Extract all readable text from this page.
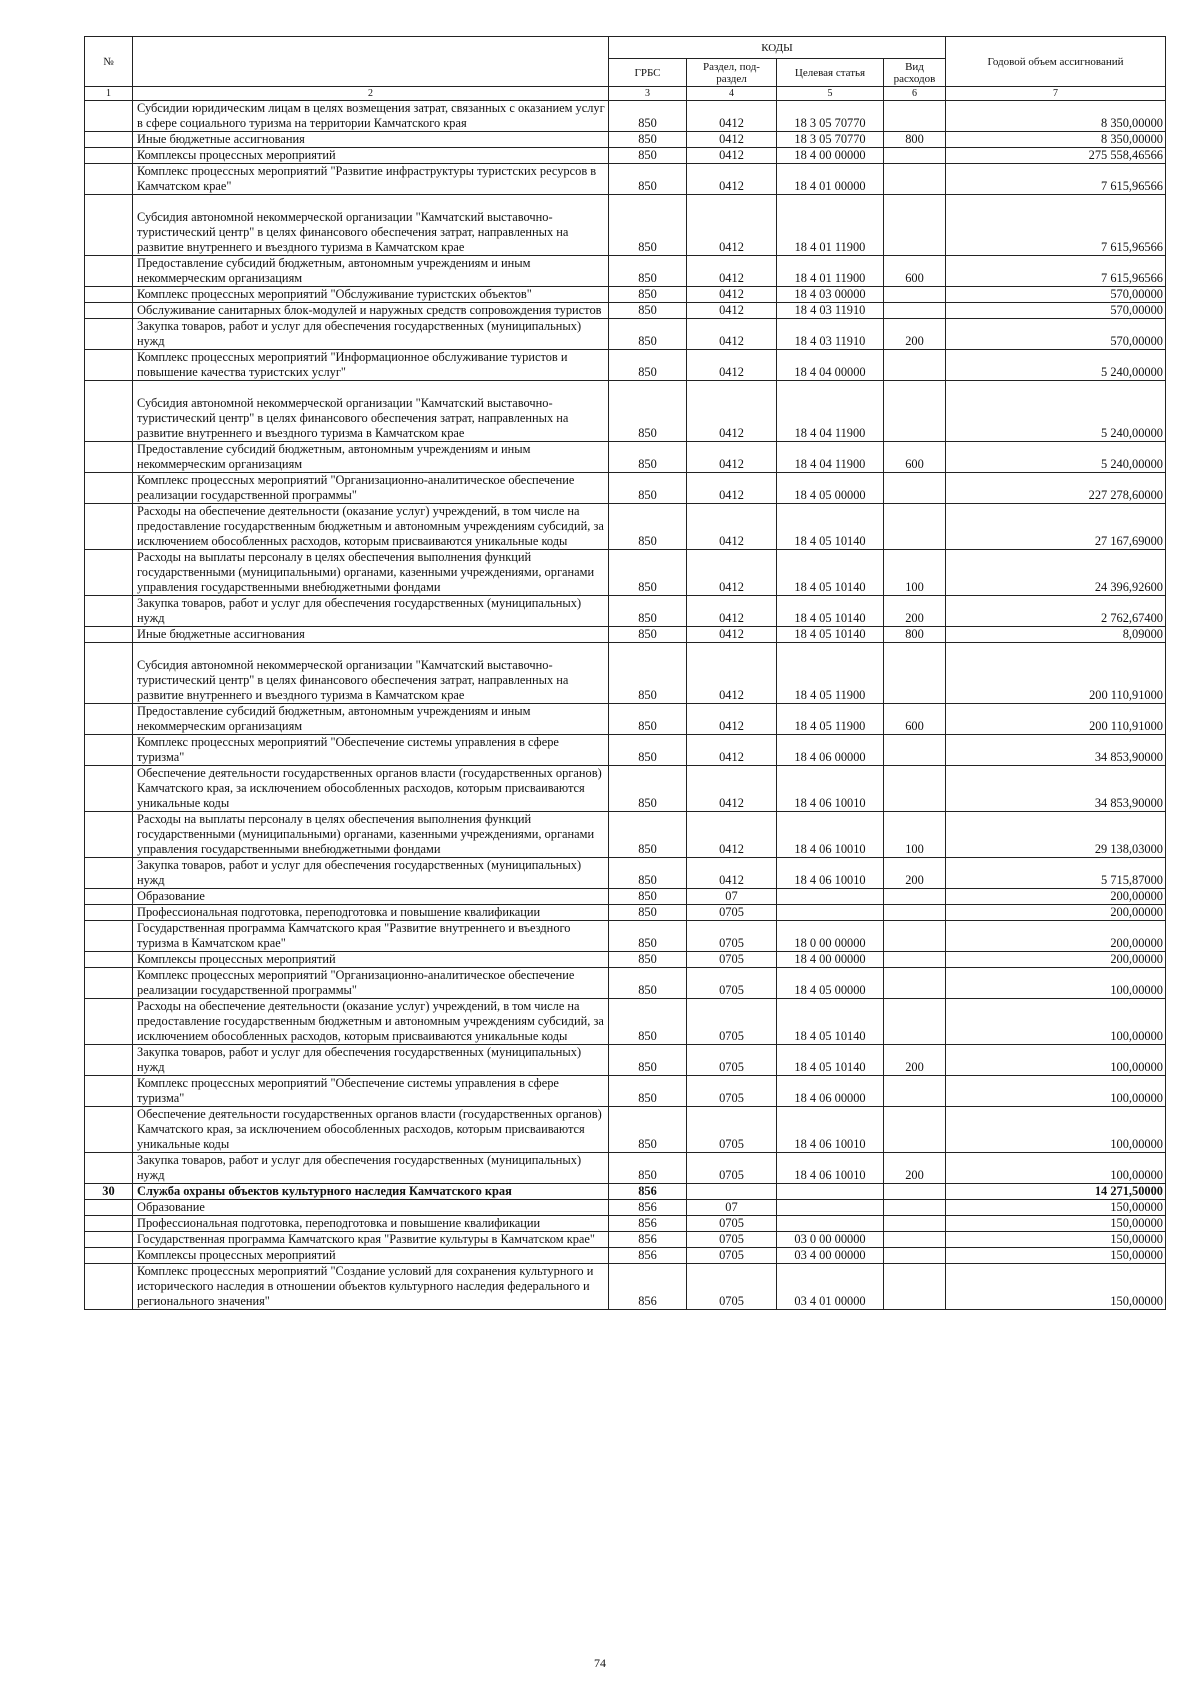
№		КОДЫ				Годовой объем ассигнований
		ГРБС	Раздел, под-раздел	Целевая статья	Вид расходов	
1	2	3	4	5	6	7
	Субсидии юридическим лицам в целях возмещения затрат, связанных с оказанием услуг в сфере социального туризма на территории Камчатского края	850	0412	18 3 05 70770		8 350,00000
	Иные бюджетные ассигнования	850	0412	18 3 05 70770	800	8 350,00000
	Комплексы процессных мероприятий	850	0412	18 4 00 00000		275 558,46566
	Комплекс процессных мероприятий "Развитие инфраструктуры туристских ресурсов в Камчатском крае"	850	0412	18 4 01 00000		7 615,96566
	Субсидия автономной некоммерческой организации "Камчатский выставочно-туристический центр" в целях финансового обеспечения затрат, направленных на развитие внутреннего и въездного туризма в Камчатском крае	850	0412	18 4 01 11900		7 615,96566
	Предоставление субсидий бюджетным, автономным учреждениям и иным некоммерческим организациям	850	0412	18 4 01 11900	600	7 615,96566
	Комплекс процессных мероприятий "Обслуживание туристских объектов"	850	0412	18 4 03 00000		570,00000
	Обслуживание санитарных блок-модулей и наружных средств сопровождения туристов	850	0412	18 4 03 11910		570,00000
	Закупка товаров, работ и услуг для обеспечения государственных (муниципальных) нужд	850	0412	18 4 03 11910	200	570,00000
	Комплекс процессных мероприятий "Информационное обслуживание туристов и повышение качества туристских услуг"	850	0412	18 4 04 00000		5 240,00000
	Субсидия автономной некоммерческой организации "Камчатский выставочно-туристический центр" в целях финансового обеспечения затрат, направленных на развитие внутреннего и въездного туризма в Камчатском крае	850	0412	18 4 04 11900		5 240,00000
	Предоставление субсидий бюджетным, автономным учреждениям и иным некоммерческим организациям	850	0412	18 4 04 11900	600	5 240,00000
	Комплекс процессных мероприятий "Организационно-аналитическое обеспечение реализации государственной программы"	850	0412	18 4 05 00000		227 278,60000
	Расходы на обеспечение деятельности (оказание услуг) учреждений, в том числе на предоставление государственным бюджетным и автономным учреждениям субсидий, за исключением обособленных расходов, которым присваиваются уникальные коды	850	0412	18 4 05 10140		27 167,69000
	Расходы на выплаты персоналу в целях обеспечения выполнения функций государственными (муниципальными) органами, казенными учреждениями, органами управления государственными внебюджетными фондами	850	0412	18 4 05 10140	100	24 396,92600
	Закупка товаров, работ и услуг для обеспечения государственных (муниципальных) нужд	850	0412	18 4 05 10140	200	2 762,67400
	Иные бюджетные ассигнования	850	0412	18 4 05 10140	800	8,09000
	Субсидия автономной некоммерческой организации "Камчатский выставочно-туристический центр" в целях финансового обеспечения затрат, направленных на развитие внутреннего и въездного туризма в Камчатском крае	850	0412	18 4 05 11900		200 110,91000
	Предоставление субсидий бюджетным, автономным учреждениям и иным некоммерческим организациям	850	0412	18 4 05 11900	600	200 110,91000
	Комплекс процессных мероприятий "Обеспечение системы управления в сфере туризма"	850	0412	18 4 06 00000		34 853,90000
	Обеспечение деятельности государственных органов власти (государственных органов) Камчатского края, за исключением обособленных расходов, которым присваиваются уникальные коды	850	0412	18 4 06 10010		34 853,90000
	Расходы на выплаты персоналу в целях обеспечения выполнения функций государственными (муниципальными) органами, казенными учреждениями, органами управления государственными внебюджетными фондами	850	0412	18 4 06 10010	100	29 138,03000
	Закупка товаров, работ и услуг для обеспечения государственных (муниципальных) нужд	850	0412	18 4 06 10010	200	5 715,87000
	Образование	850	07			200,00000
	Профессиональная подготовка, переподготовка и повышение квалификации	850	0705			200,00000
	Государственная программа Камчатского края "Развитие внутреннего и въездного туризма в Камчатском крае"	850	0705	18 0 00 00000		200,00000
	Комплексы процессных мероприятий	850	0705	18 4 00 00000		200,00000
	Комплекс процессных мероприятий "Организационно-аналитическое обеспечение реализации государственной программы"	850	0705	18 4 05 00000		100,00000
	Расходы на обеспечение деятельности (оказание услуг) учреждений, в том числе на предоставление государственным бюджетным и автономным учреждениям субсидий, за исключением обособленных расходов, которым присваиваются уникальные коды	850	0705	18 4 05 10140		100,00000
	Закупка товаров, работ и услуг для обеспечения государственных (муниципальных) нужд	850	0705	18 4 05 10140	200	100,00000
	Комплекс процессных мероприятий "Обеспечение системы управления в сфере туризма"	850	0705	18 4 06 00000		100,00000
	Обеспечение деятельности государственных органов власти (государственных органов) Камчатского края, за исключением обособленных расходов, которым присваиваются уникальные коды	850	0705	18 4 06 10010		100,00000
	Закупка товаров, работ и услуг для обеспечения государственных (муниципальных) нужд	850	0705	18 4 06 10010	200	100,00000
30	Служба охраны объектов культурного наследия Камчатского края	856				14 271,50000
	Образование	856	07			150,00000
	Профессиональная подготовка, переподготовка и повышение квалификации	856	0705			150,00000
	Государственная программа Камчатского края "Развитие культуры в Камчатском крае"	856	0705	03 0 00 00000		150,00000
	Комплексы процессных мероприятий	856	0705	03 4 00 00000		150,00000
	Комплекс процессных мероприятий "Создание условий для сохранения культурного и исторического наследия в отношении объектов культурного наследия федерального и регионального значения"	856	0705	03 4 01 00000		150,00000
74
